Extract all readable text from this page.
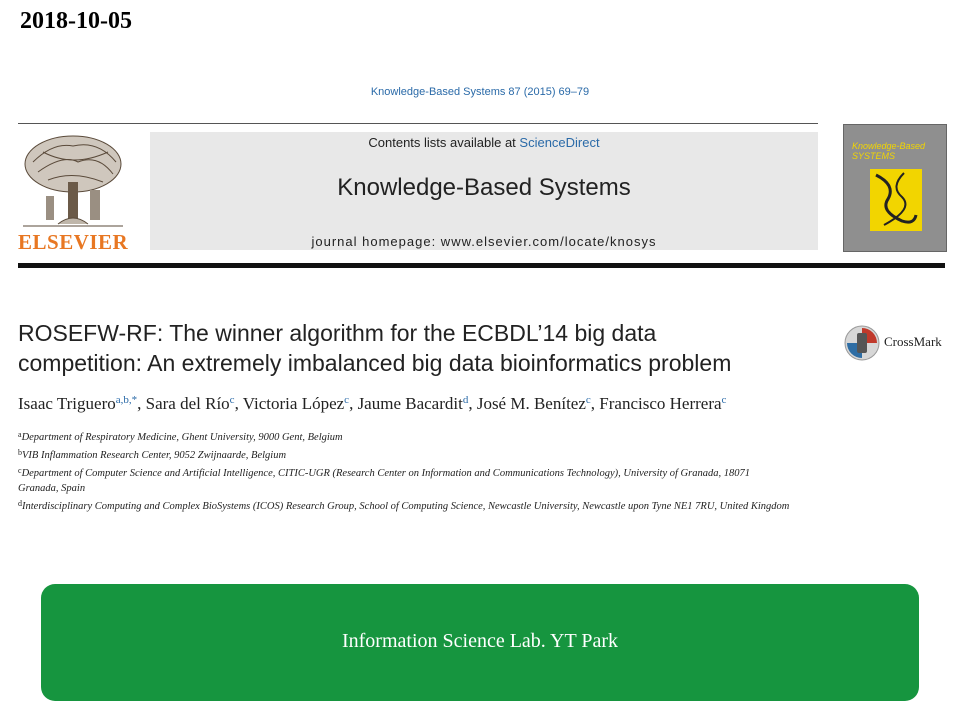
2018-10-05
Knowledge-Based Systems 87 (2015) 69–79
ELSEVIER
Contents lists available at ScienceDirect
Knowledge-Based Systems
journal homepage: www.elsevier.com/locate/knosys
Knowledge-Based SYSTEMS
ROSEFW-RF: The winner algorithm for the ECBDL’14 big data
competition: An extremely imbalanced big data bioinformatics problem
CrossMark
Isaac Triguero$^{a,b,*}$, Sara del Río$^c$, Victoria López$^c$, Jaume Bacardit$^d$, José M. Benítez$^c$, Francisco Herrera$^c$
$^a$Department of Respiratory Medicine, Ghent University, 9000 Gent, Belgium
$^b$VIB Inflammation Research Center, 9052 Zwijnaarde, Belgium
$^c$Department of Computer Science and Artificial Intelligence, CITIC-UGR (Research Center on Information and Communications Technology), University of Granada, 18071
Granada, Spain
$^d$Interdisciplinary Computing and Complex BioSystems (ICOS) Research Group, School of Computing Science, Newcastle University, Newcastle upon Tyne NE1 7RU, United Kingdom
Information Science Lab. YT Park
